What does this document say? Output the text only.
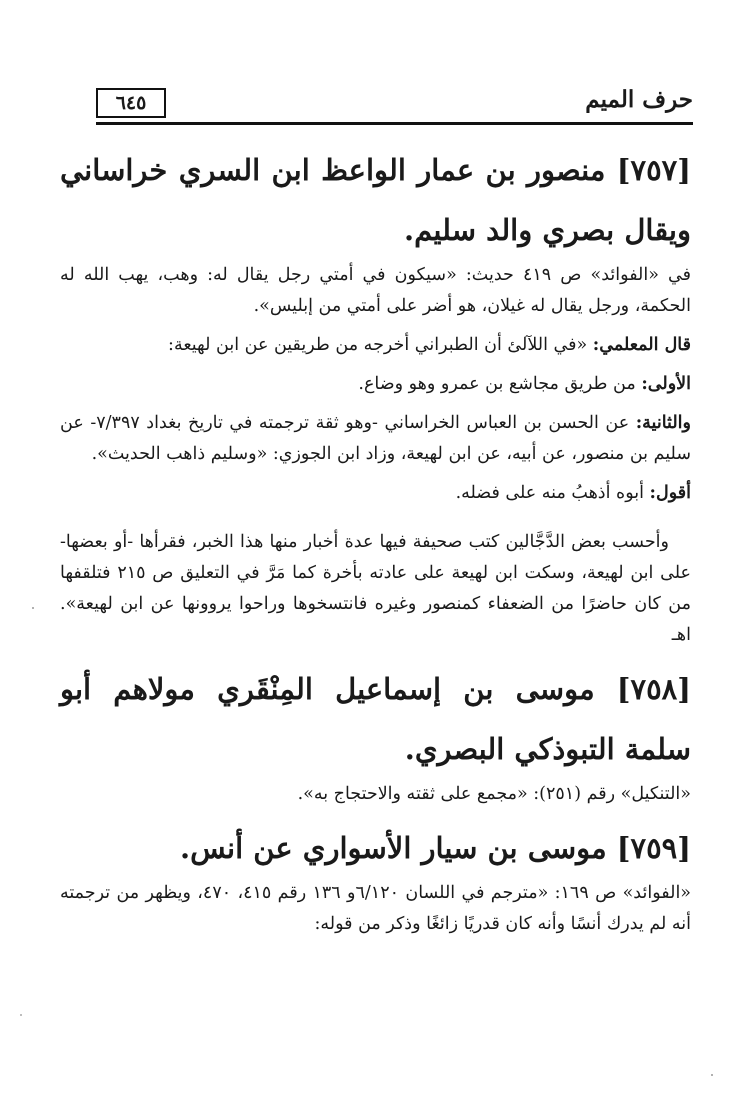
٦٤٥	حرف الميم
[٧٥٧] منصور بن عمار الواعظ ابن السري خراساني ويقال بصري والد سليم.

في «الفوائد» ص ٤١٩ حديث: «سيكون في أمتي رجل يقال له: وهب، يهب الله له الحكمة، ورجل يقال له غيلان، هو أضر على أمتي من إبليس».

قال المعلمي: «في اللآلئ أن الطبراني أخرجه من طريقين عن ابن لهيعة:

الأولى: من طريق مجاشع بن عمرو وهو وضاع.

والثانية: عن الحسن بن العباس الخراساني -وهو ثقة ترجمته في تاريخ بغداد ٧/٣٩٧- عن سليم بن منصور، عن أبيه، عن ابن لهيعة، وزاد ابن الجوزي: «وسليم ذاهب الحديث».

أقول: أبوه أذهبُ منه على فضله.

وأحسب بعض الدَّجَّالين كتب صحيفة فيها عدة أخبار منها هذا الخبر، فقرأها -أو بعضها- على ابن لهيعة، وسكت ابن لهيعة على عادته بأخرة كما مَرَّ في التعليق ص ٢١٥ فتلقفها من كان حاضرًا من الضعفاء كمنصور وغيره فانتسخوها وراحوا يروونها عن ابن لهيعة». اهـ

[٧٥٨] موسى بن إسماعيل المِنْقَري مولاهم أبو سلمة التبوذكي البصري.

«التنكيل» رقم (٢٥١): «مجمع على ثقته والاحتجاج به».

[٧٥٩] موسى بن سيار الأسواري عن أنس.

«الفوائد» ص ١٦٩: «مترجم في اللسان ٦/١٢٠و ١٣٦ رقم ٤١٥، ٤٧٠، ويظهر من ترجمته أنه لم يدرك أنسًا وأنه كان قدريًا زائغًا وذكر من قوله:
